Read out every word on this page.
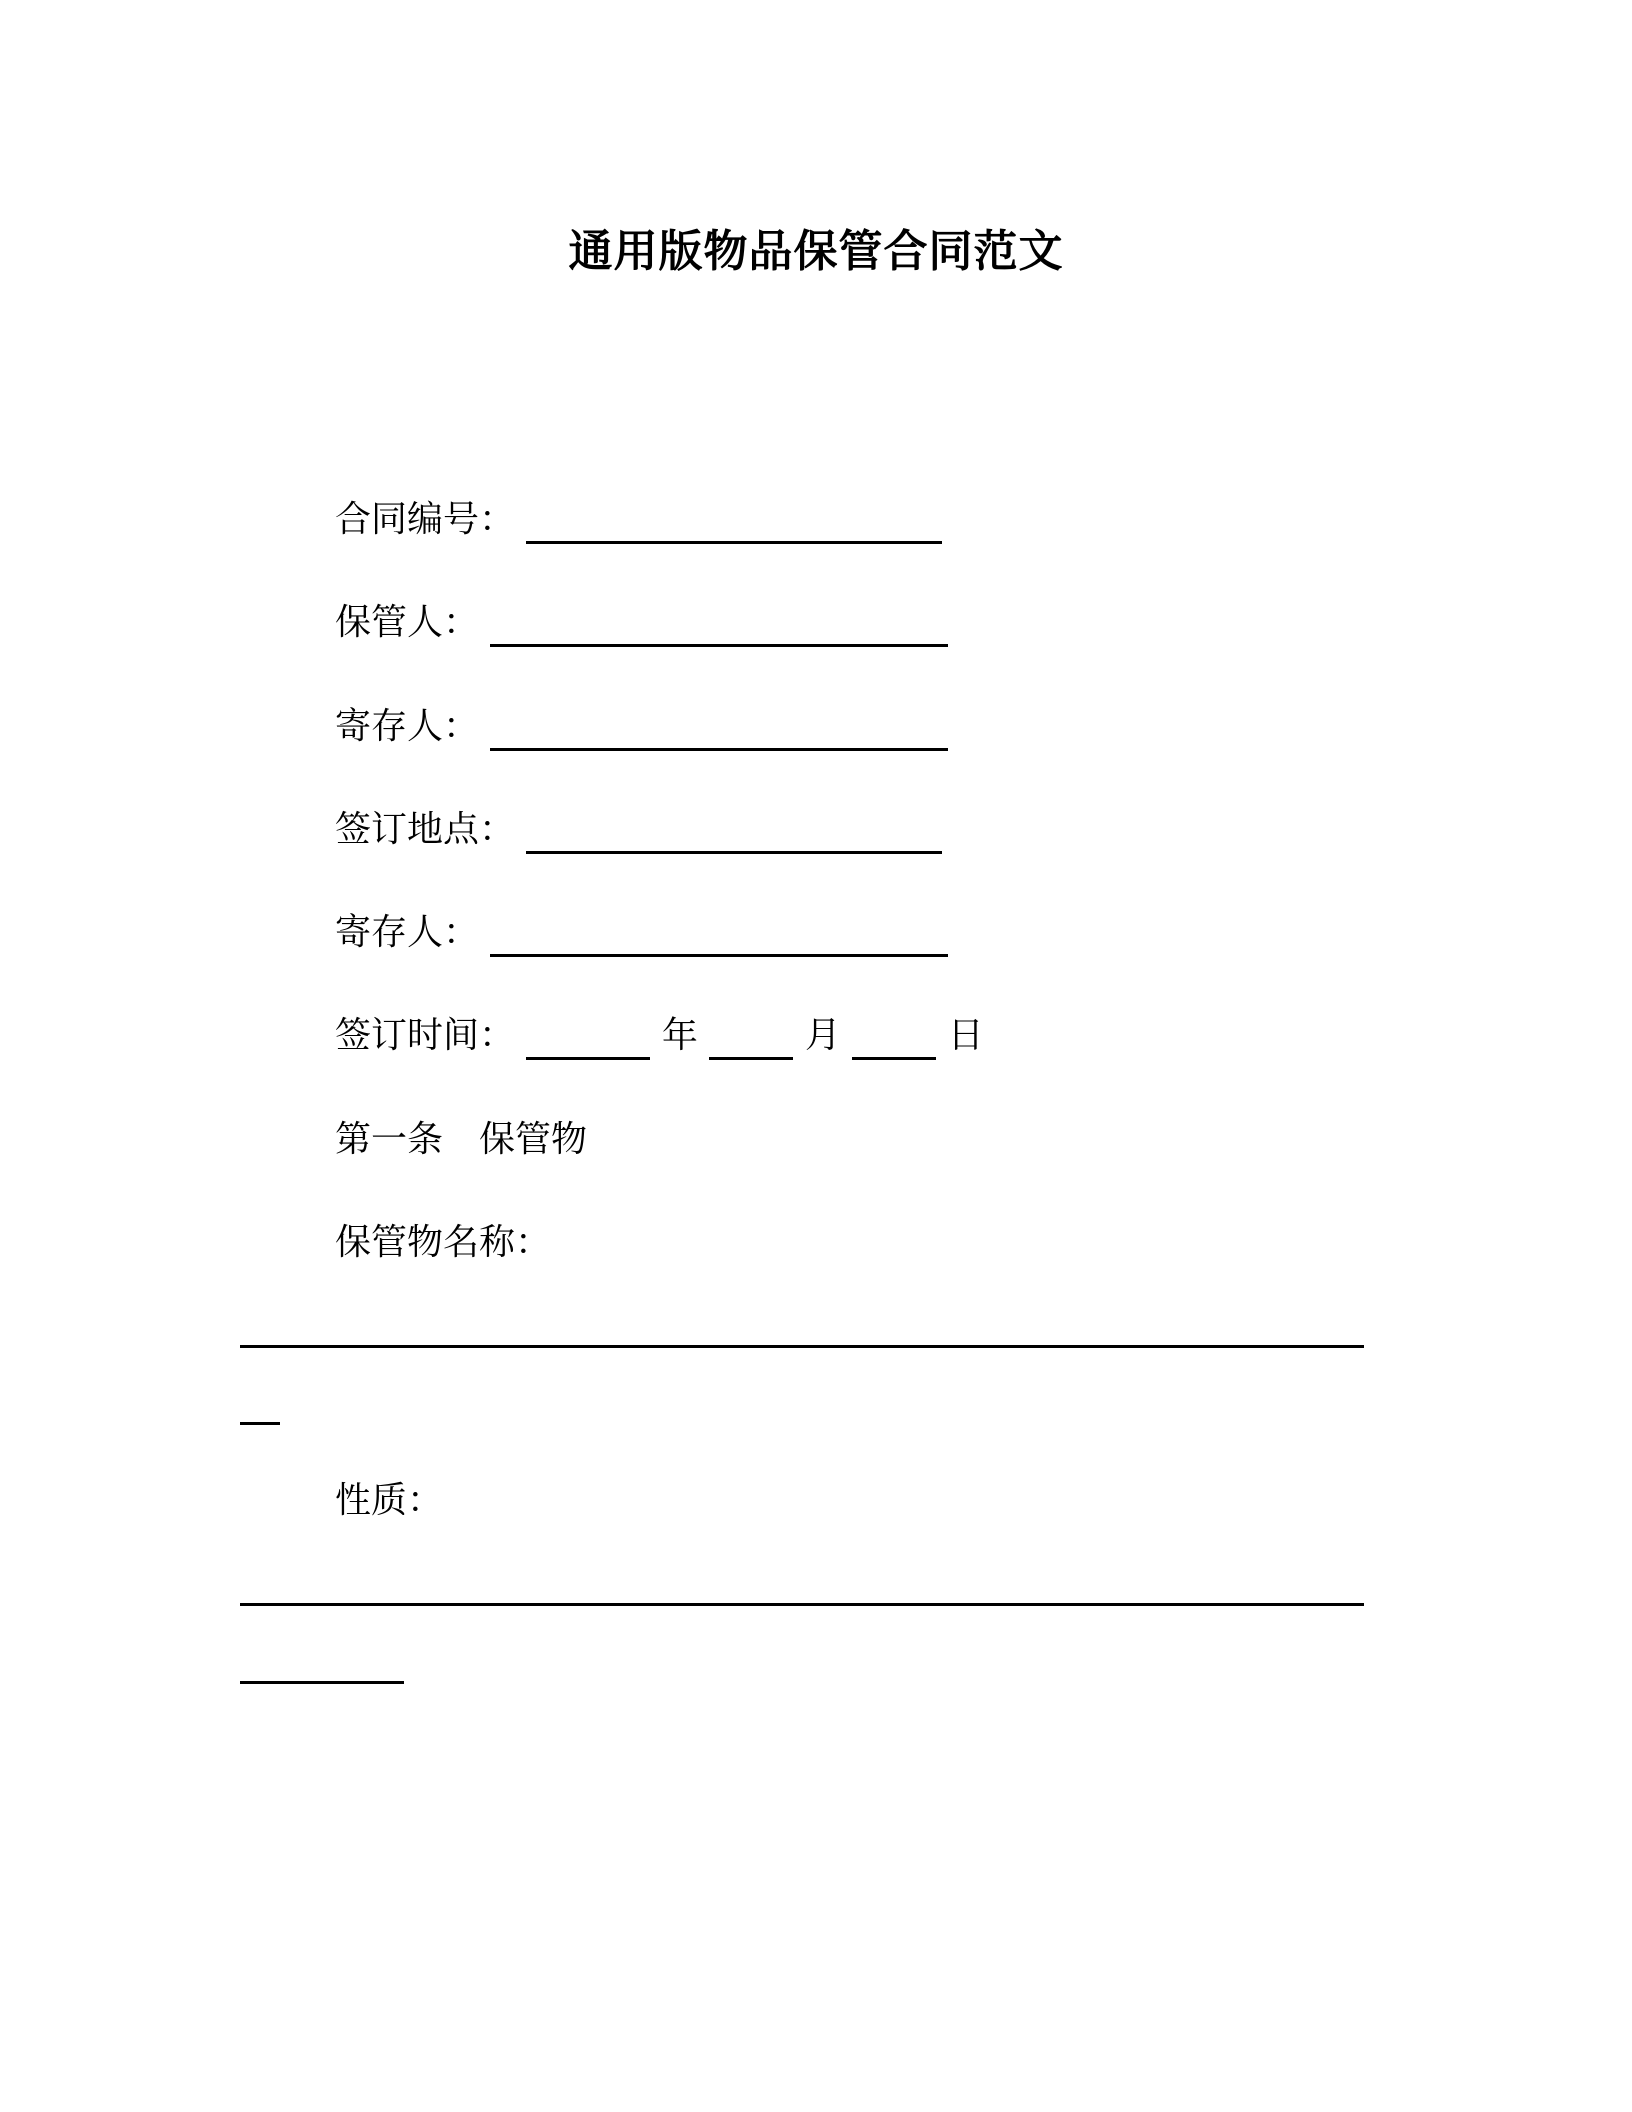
通用版物品保管合同范文
合同编号：
保管人：
寄存人：
签订地点：
寄存人：
签订时间：	年	月	日
第一条 保管物
保管物名称：
性质：
